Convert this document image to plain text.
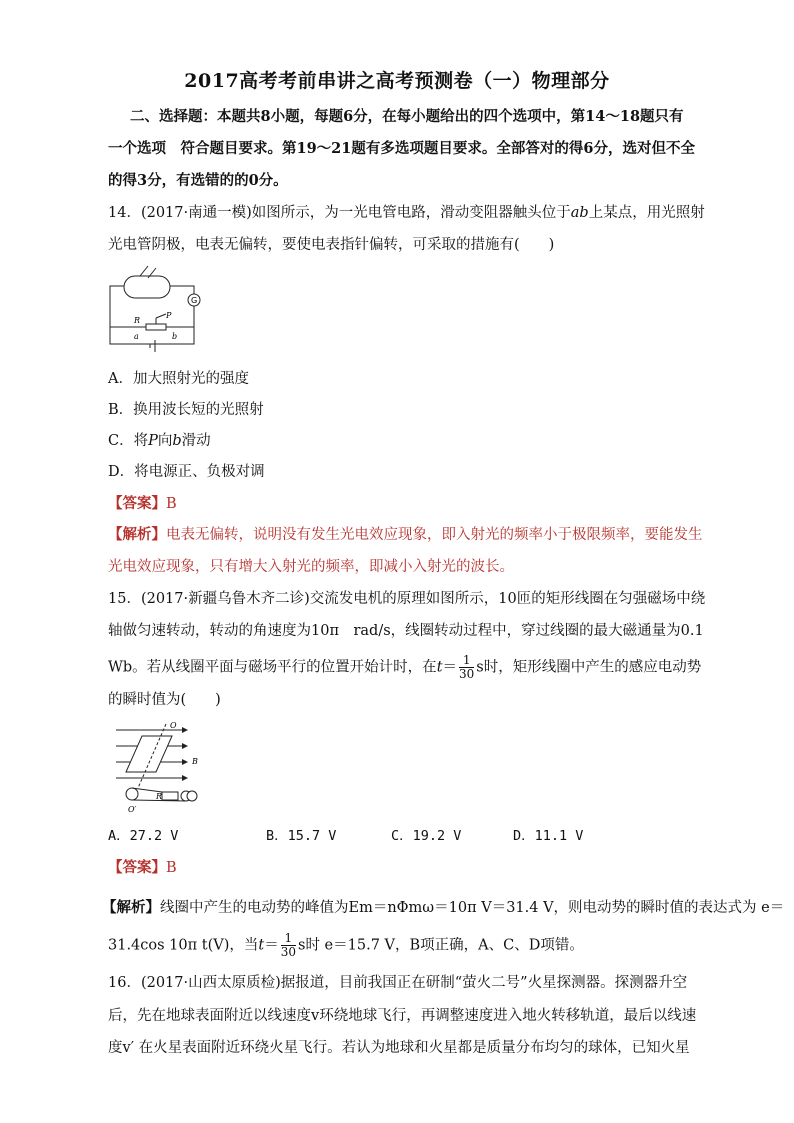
2017高考考前串讲之高考预测卷（一）物理部分
二、选择题：本题共8小题，每题6分，在每小题给出的四个选项中，第14～18题只有
一个选项　符合题目要求。第19～21题有多选项题目要求。全部答对的得6分，选对但不全
的得3分，有选错的的0分。
14．(2017·南通一模)如图所示，为一光电管电路，滑动变阻器触头位于ab上某点，用光照射
光电管阴极，电表无偏转，要使电表指针偏转，可采取的措施有(　　)
G
R
P
a	b
A．加大照射光的强度
B．换用波长短的光照射
C．将P向b滑动
D．将电源正、负极对调
【答案】B
【解析】电表无偏转，说明没有发生光电效应现象，即入射光的频率小于极限频率，要能发生
光电效应现象，只有增大入射光的频率，即减小入射光的波长。
15．(2017·新疆乌鲁木齐二诊)交流发电机的原理如图所示，10匝的矩形线圈在匀强磁场中绕
轴做匀速转动，转动的角速度为10π　rad/s，线圈转动过程中，穿过线圈的最大磁通量为0.1
Wb。若从线圈平面与磁场平行的位置开始计时，在$t= \frac{1}{30}$ s时，矩形线圈中产生的感应电动势
的瞬时值为(　　)
O
B
R
O′
A．27.2 V	B．15.7 V	C．19.2 V	D．11.1 V
【答案】B
【解析】线圈中产生的电动势的峰值为Em＝nΦmω＝10π V＝31.4 V，则电动势的瞬时值的表达式为 e＝
31.4cos 10π t(V)，当$t= \frac{1}{30}$ s时 e＝15.7 V，B项正确，A、C、D项错。
16．(2017·山西太原质检)据报道，目前我国正在研制“萤火二号”火星探测器。探测器升空
后，先在地球表面附近以线速度v环绕地球飞行，再调整速度进入地火转移轨道，最后以线速
度v′ 在火星表面附近环绕火星飞行。若认为地球和火星都是质量分布均匀的球体，已知火星
